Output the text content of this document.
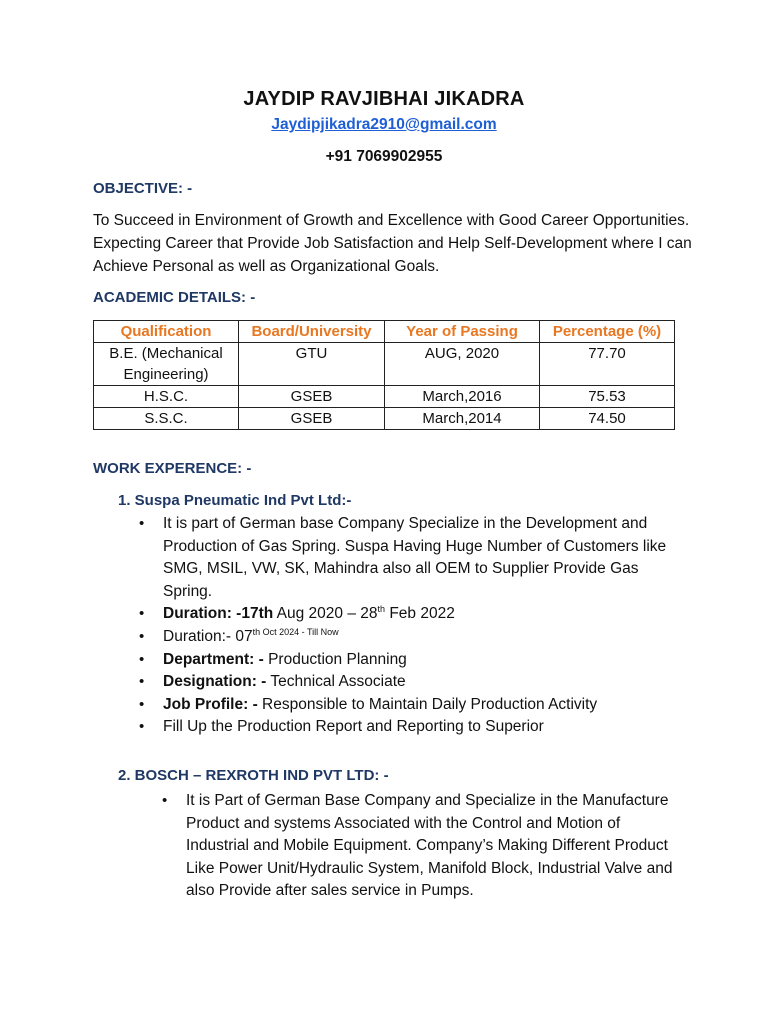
JAYDIP RAVJIBHAI JIKADRA
Jaydipjikadra2910@gmail.com
+91 7069902955
OBJECTIVE: -
To Succeed in Environment of Growth and Excellence with Good Career Opportunities. Expecting Career that Provide Job Satisfaction and Help Self-Development where I can Achieve Personal as well as Organizational Goals.
ACADEMIC DETAILS: -
Qualification	Board/University	Year of Passing	Percentage (%)
B.E. (Mechanical Engineering)	GTU	AUG, 2020	77.70
H.S.C.	GSEB	March,2016	75.53
S.S.C.	GSEB	March,2014	74.50
WORK EXPERENCE: -
1. Suspa Pneumatic Ind Pvt Ltd:-
• It is part of German base Company Specialize in the Development and Production of Gas Spring. Suspa Having Huge Number of Customers like SMG, MSIL, VW, SK, Mahindra also all OEM to Supplier Provide Gas Spring.
• Duration: -17th Aug 2020 – 28th Feb 2022
• Duration:- $07^{th Oct 2024 - Till Now}$
• Department: - Production Planning
• Designation: - Technical Associate
• Job Profile: - Responsible to Maintain Daily Production Activity
• Fill Up the Production Report and Reporting to Superior
2. BOSCH – REXROTH IND PVT LTD: -
• It is Part of German Base Company and Specialize in the Manufacture Product and systems Associated with the Control and Motion of Industrial and Mobile Equipment. Company’s Making Different Product Like Power Unit/Hydraulic System, Manifold Block, Industrial Valve and also Provide after sales service in Pumps.
